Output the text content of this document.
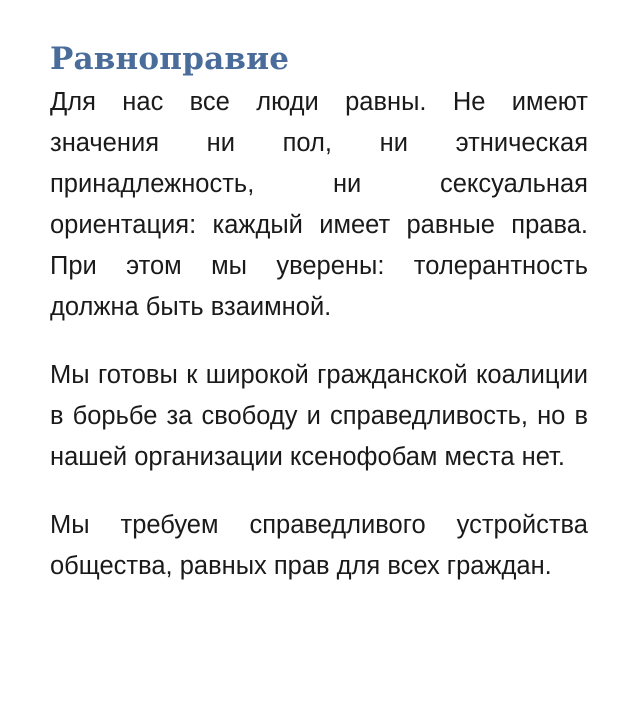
Равноправие

Для нас все люди равны. Не имеют значения ни пол, ни этническая принадлежность, ни сексуальная ориентация: каждый имеет равные права. При этом мы уверены: толерантность должна быть взаимной.

Мы готовы к широкой гражданской коалиции в борьбе за свободу и справедливость, но в нашей организации ксенофобам места нет.

Мы требуем справедливого устройства общества, равных прав для всех граждан.
